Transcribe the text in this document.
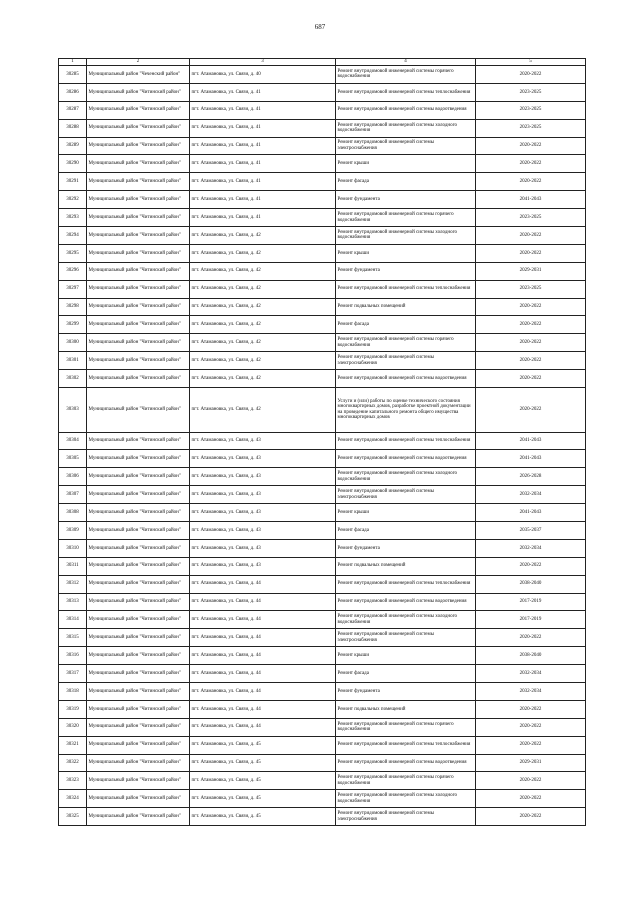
687
1	2	3	4	5
30285	Муниципальный район "Чеченский район"	пгт. Атамановка, ул. Связи, д. 40	Ремонт внутридомовой инженерной системы горячего водоснабжения	2020-2022
30286	Муниципальный район "Читинский район"	пгт. Атамановка, ул. Связи, д. 41	Ремонт внутридомовой инженерной системы теплоснабжения	2023-2025
30287	Муниципальный район "Читинский район"	пгт. Атамановка, ул. Связи, д. 41	Ремонт внутридомовой инженерной системы водоотведения	2023-2025
30288	Муниципальный район "Читинский район"	пгт. Атамановка, ул. Связи, д. 41	Ремонт внутридомовой инженерной системы холодного водоснабжения	2023-2025
30289	Муниципальный район "Читинский район"	пгт. Атамановка, ул. Связи, д. 41	Ремонт внутридомовой инженерной системы электроснабжения	2020-2022
30290	Муниципальный район "Читинский район"	пгт. Атамановка, ул. Связи, д. 41	Ремонт крыши	2020-2022
30291	Муниципальный район "Читинский район"	пгт. Атамановка, ул. Связи, д. 41	Ремонт фасада	2020-2022
30292	Муниципальный район "Читинский район"	пгт. Атамановка, ул. Связи, д. 41	Ремонт фундамента	2041-2043
30293	Муниципальный район "Читинский район"	пгт. Атамановка, ул. Связи, д. 41	Ремонт внутридомовой инженерной системы горячего водоснабжения	2023-2025
30294	Муниципальный район "Читинский район"	пгт. Атамановка, ул. Связи, д. 42	Ремонт внутридомовой инженерной системы холодного водоснабжения	2020-2022
30295	Муниципальный район "Читинский район"	пгт. Атамановка, ул. Связи, д. 42	Ремонт крыши	2020-2022
30296	Муниципальный район "Читинский район"	пгт. Атамановка, ул. Связи, д. 42	Ремонт фундамента	2029-2031
30297	Муниципальный район "Читинский район"	пгт. Атамановка, ул. Связи, д. 42	Ремонт внутридомовой инженерной системы теплоснабжения	2023-2025
30298	Муниципальный район "Читинский район"	пгт. Атамановка, ул. Связи, д. 42	Ремонт подвальных помещений	2020-2022
30299	Муниципальный район "Читинский район"	пгт. Атамановка, ул. Связи, д. 42	Ремонт фасада	2020-2022
30300	Муниципальный район "Читинский район"	пгт. Атамановка, ул. Связи, д. 42	Ремонт внутридомовой инженерной системы горячего водоснабжения	2020-2022
30301	Муниципальный район "Читинский район"	пгт. Атамановка, ул. Связи, д. 42	Ремонт внутридомовой инженерной системы электроснабжения	2020-2022
30302	Муниципальный район "Читинский район"	пгт. Атамановка, ул. Связи, д. 42	Ремонт внутридомовой инженерной системы водоотведения	2020-2022
30303	Муниципальный район "Читинский район"	пгт. Атамановка, ул. Связи, д. 42	Услуги и (или) работы по оценке технического состояния многоквартирных домов, разработке проектной документации на проведение капитального ремонта общего имущества многоквартирных домов	2020-2022
30304	Муниципальный район "Читинский район"	пгт. Атамановка, ул. Связи, д. 43	Ремонт внутридомовой инженерной системы теплоснабжения	2041-2043
30305	Муниципальный район "Читинский район"	пгт. Атамановка, ул. Связи, д. 43	Ремонт внутридомовой инженерной системы водоотведения	2041-2043
30306	Муниципальный район "Читинский район"	пгт. Атамановка, ул. Связи, д. 43	Ремонт внутридомовой инженерной системы холодного водоснабжения	2026-2028
30307	Муниципальный район "Читинский район"	пгт. Атамановка, ул. Связи, д. 43	Ремонт внутридомовой инженерной системы электроснабжения	2032-2034
30308	Муниципальный район "Читинский район"	пгт. Атамановка, ул. Связи, д. 43	Ремонт крыши	2041-2043
30309	Муниципальный район "Читинский район"	пгт. Атамановка, ул. Связи, д. 43	Ремонт фасада	2035-2037
30310	Муниципальный район "Читинский район"	пгт. Атамановка, ул. Связи, д. 43	Ремонт фундамента	2032-2034
30311	Муниципальный район "Читинский район"	пгт. Атамановка, ул. Связи, д. 43	Ремонт подвальных помещений	2020-2022
30312	Муниципальный район "Читинский район"	пгт. Атамановка, ул. Связи, д. 44	Ремонт внутридомовой инженерной системы теплоснабжения	2038-2040
30313	Муниципальный район "Читинский район"	пгт. Атамановка, ул. Связи, д. 44	Ремонт внутридомовой инженерной системы водоотведения	2017-2019
30314	Муниципальный район "Читинский район"	пгт. Атамановка, ул. Связи, д. 44	Ремонт внутридомовой инженерной системы холодного водоснабжения	2017-2019
30315	Муниципальный район "Читинский район"	пгт. Атамановка, ул. Связи, д. 44	Ремонт внутридомовой инженерной системы электроснабжения	2020-2022
30316	Муниципальный район "Читинский район"	пгт. Атамановка, ул. Связи, д. 44	Ремонт крыши	2038-2040
30317	Муниципальный район "Читинский район"	пгт. Атамановка, ул. Связи, д. 44	Ремонт фасада	2032-2034
30318	Муниципальный район "Читинский район"	пгт. Атамановка, ул. Связи, д. 44	Ремонт фундамента	2032-2034
30319	Муниципальный район "Читинский район"	пгт. Атамановка, ул. Связи, д. 44	Ремонт подвальных помещений	2020-2022
30320	Муниципальный район "Читинский район"	пгт. Атамановка, ул. Связи, д. 44	Ремонт внутридомовой инженерной системы горячего водоснабжения	2020-2022
30321	Муниципальный район "Читинский район"	пгт. Атамановка, ул. Связи, д. 45	Ремонт внутридомовой инженерной системы теплоснабжения	2020-2022
30322	Муниципальный район "Читинский район"	пгт. Атамановка, ул. Связи, д. 45	Ремонт внутридомовой инженерной системы водоотведения	2029-2031
30323	Муниципальный район "Читинский район"	пгт. Атамановка, ул. Связи, д. 45	Ремонт внутридомовой инженерной системы горячего водоснабжения	2020-2022
30324	Муниципальный район "Читинский район"	пгт. Атамановка, ул. Связи, д. 45	Ремонт внутридомовой инженерной системы холодного водоснабжения	2020-2022
30325	Муниципальный район "Читинский район"	пгт. Атамановка, ул. Связи, д. 45	Ремонт внутридомовой инженерной системы электроснабжения	2020-2022
